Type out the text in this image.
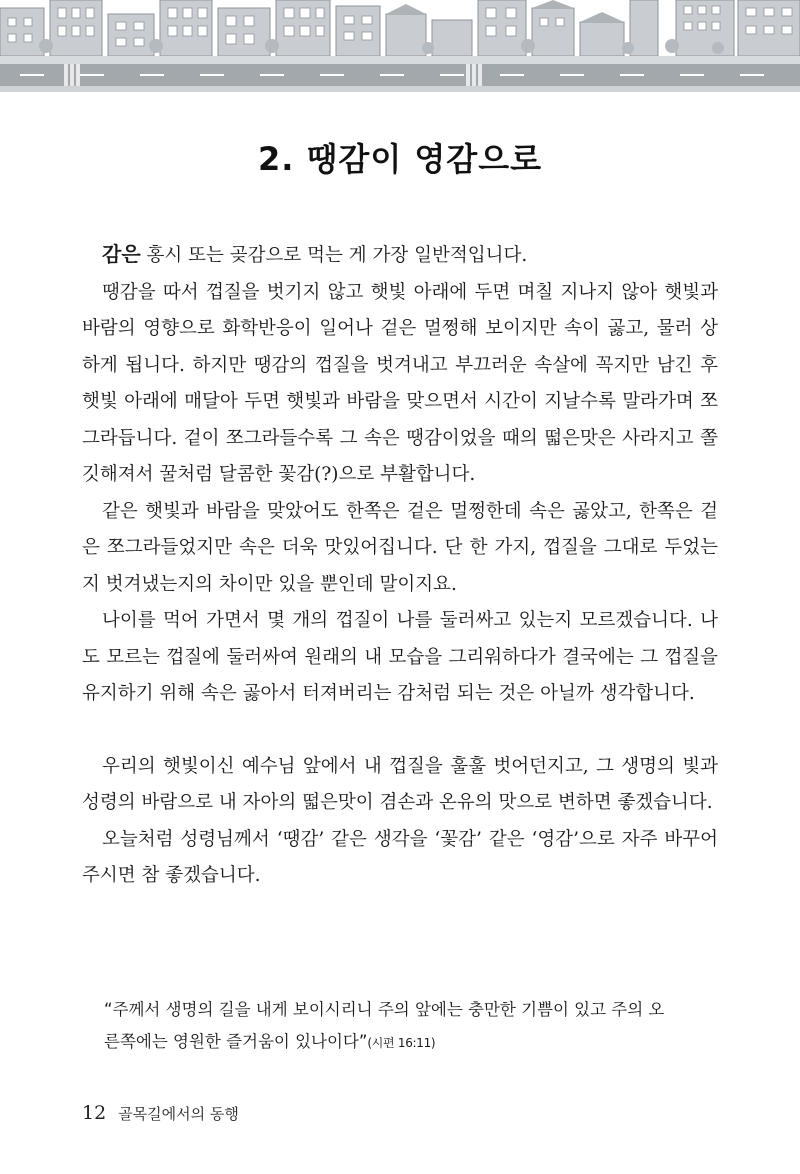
2. 땡감이 영감으로

감은 홍시 또는 곶감으로 먹는 게 가장 일반적입니다.

땡감을 따서 껍질을 벗기지 않고 햇빛 아래에 두면 며칠 지나지 않아 햇빛과 바람의 영향으로 화학반응이 일어나 겉은 멀쩡해 보이지만 속이 곯고, 물러 상하게 됩니다. 하지만 땡감의 껍질을 벗겨내고 부끄러운 속살에 꼭지만 남긴 후 햇빛 아래에 매달아 두면 햇빛과 바람을 맞으면서 시간이 지날수록 말라가며 쪼그라듭니다. 겉이 쪼그라들수록 그 속은 땡감이었을 때의 떫은맛은 사라지고 쫄깃해져서 꿀처럼 달콤한 꽃감(?)으로 부활합니다.

같은 햇빛과 바람을 맞았어도 한쪽은 겉은 멀쩡한데 속은 곯았고, 한쪽은 겉은 쪼그라들었지만 속은 더욱 맛있어집니다. 단 한 가지, 껍질을 그대로 두었는지 벗겨냈는지의 차이만 있을 뿐인데 말이지요.

나이를 먹어 가면서 몇 개의 껍질이 나를 둘러싸고 있는지 모르겠습니다. 나도 모르는 껍질에 둘러싸여 원래의 내 모습을 그리워하다가 결국에는 그 껍질을 유지하기 위해 속은 곯아서 터져버리는 감처럼 되는 것은 아닐까 생각합니다.

우리의 햇빛이신 예수님 앞에서 내 껍질을 훌훌 벗어던지고, 그 생명의 빛과 성령의 바람으로 내 자아의 떫은맛이 겸손과 온유의 맛으로 변하면 좋겠습니다.

오늘처럼 성령님께서 ‘땡감’ 같은 생각을 ‘꽃감’ 같은 ‘영감’으로 자주 바꾸어 주시면 참 좋겠습니다.

“주께서 생명의 길을 내게 보이시리니 주의 앞에는 충만한 기쁨이 있고 주의 오
른쪽에는 영원한 즐거움이 있나이다”(시편 16:11)
12 골목길에서의 동행
